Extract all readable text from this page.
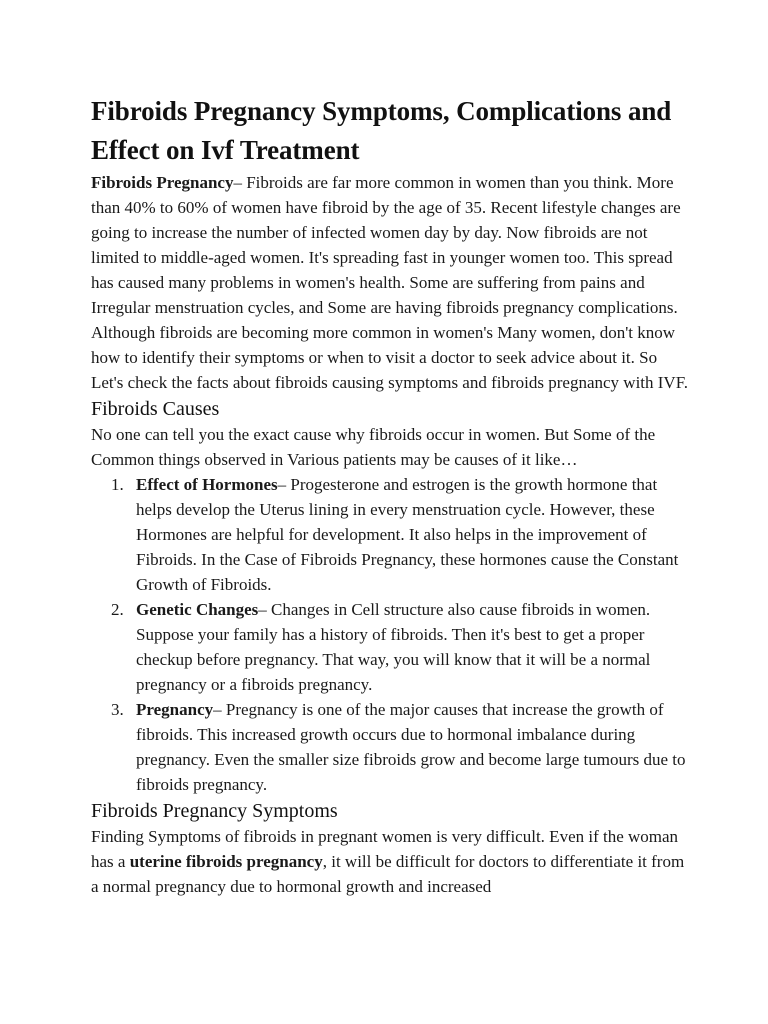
Fibroids Pregnancy Symptoms, Complications and Effect on Ivf Treatment

Fibroids Pregnancy– Fibroids are far more common in women than you think. More than 40% to 60% of women have fibroid by the age of 35. Recent lifestyle changes are going to increase the number of infected women day by day. Now fibroids are not limited to middle-aged women. It's spreading fast in younger women too. This spread has caused many problems in women's health. Some are suffering from pains and Irregular menstruation cycles, and Some are having fibroids pregnancy complications. Although fibroids are becoming more common in women's Many women, don't know how to identify their symptoms or when to visit a doctor to seek advice about it. So Let's check the facts about fibroids causing symptoms and fibroids pregnancy with IVF.

Fibroids Causes

No one can tell you the exact cause why fibroids occur in women. But Some of the Common things observed in Various patients may be causes of it like…

1. Effect of Hormones– Progesterone and estrogen is the growth hormone that helps develop the Uterus lining in every menstruation cycle. However, these Hormones are helpful for development. It also helps in the improvement of Fibroids. In the Case of Fibroids Pregnancy, these hormones cause the Constant Growth of Fibroids.
2. Genetic Changes– Changes in Cell structure also cause fibroids in women. Suppose your family has a history of fibroids. Then it's best to get a proper checkup before pregnancy. That way, you will know that it will be a normal pregnancy or a fibroids pregnancy.
3. Pregnancy– Pregnancy is one of the major causes that increase the growth of fibroids. This increased growth occurs due to hormonal imbalance during pregnancy. Even the smaller size fibroids grow and become large tumours due to fibroids pregnancy.
Fibroids Pregnancy Symptoms

Finding Symptoms of fibroids in pregnant women is very difficult. Even if the woman has a uterine fibroids pregnancy, it will be difficult for doctors to differentiate it from a normal pregnancy due to hormonal growth and increased
